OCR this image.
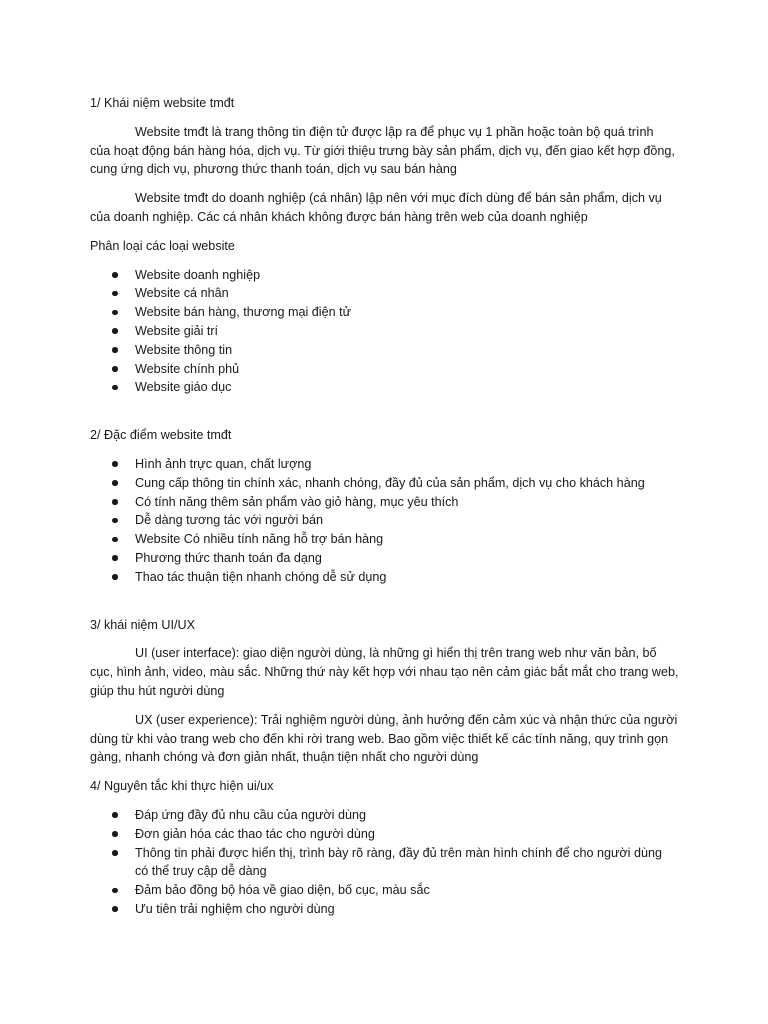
1/ Khái niệm website tmđt
Website tmđt là trang thông tin điện tử được lập ra để phục vụ 1 phần hoặc toàn bộ quá trình
của hoạt động bán hàng hóa, dịch vụ. Từ giới thiệu trưng bày sản phẩm, dịch vụ, đến giao kết hợp đồng,
cung ứng dịch vụ, phương thức thanh toán, dịch vụ sau bán hàng
Website tmđt do doanh nghiệp (cá nhân) lập nên với mục đích dùng để bán sản phẩm, dịch vụ
của doanh nghiệp. Các cá nhân khách không được bán hàng trên web của doanh nghiệp
Phân loại các loại website
Website doanh nghiệp
Website cá nhân
Website bán hàng, thương mại điện tử
Website giải trí
Website thông tin
Website chính phủ
Website giáo dục
2/ Đặc điểm website tmđt
Hình ảnh trực quan, chất lượng
Cung cấp thông tin chính xác, nhanh chóng, đầy đủ của sản phẩm, dịch vụ cho khách hàng
Có tính năng thêm sản phẩm vào giỏ hàng, mục yêu thích
Dễ dàng tương tác với người bán
Website Có nhiều tính năng hỗ trợ bán hàng
Phương thức thanh toán đa dạng
Thao tác thuận tiện nhanh chóng dễ sử dụng
3/ khái niệm UI/UX
UI (user interface): giao diện người dùng, là những gì hiển thị trên trang web như văn bản, bố
cục, hình ảnh, video, màu sắc. Những thứ này kết hợp với nhau tạo nên cảm giác bắt mắt cho trang web,
giúp thu hút người dùng
UX (user experience): Trải nghiệm người dùng, ảnh hưởng đến cảm xúc và nhận thức của người
dùng từ khi vào trang web cho đến khi rời trang web. Bao gồm việc thiết kế các tính năng, quy trình gọn
gàng, nhanh chóng và đơn giản nhất, thuận tiện nhất cho người dùng
4/ Nguyên tắc khi thực hiện ui/ux
Đáp ứng đầy đủ nhu cầu của người dùng
Đơn giản hóa các thao tác cho người dùng
Thông tin phải được hiển thị, trình bày rõ ràng, đầy đủ trên màn hình chính để cho người dùng
có thể truy cập dễ dàng
Đảm bảo đồng bộ hóa về giao diện, bố cục, màu sắc
Ưu tiên trải nghiệm cho người dùng
